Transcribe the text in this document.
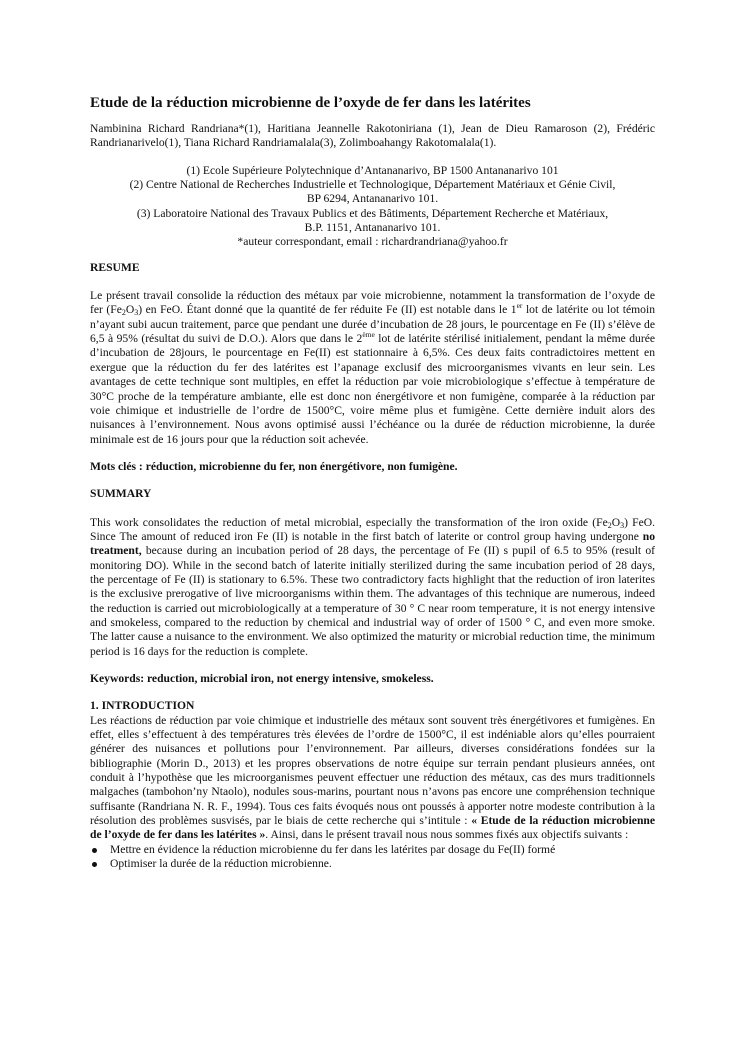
Etude de la réduction microbienne de l’oxyde de fer dans les latérites
Nambinina Richard Randriana*(1), Haritiana Jeannelle Rakotoniriana (1), Jean de Dieu Ramaroson (2), Frédéric Randrianarivelo(1), Tiana Richard Randriamalala(3), Zolimboahangy Rakotomalala(1).

(1) Ecole Supérieure Polytechnique d’Antananarivo, BP 1500 Antananarivo 101

(2) Centre National de Recherches Industrielle et Technologique, Département Matériaux et Génie Civil,

BP 6294, Antananarivo 101.

(3) Laboratoire National des Travaux Publics et des Bâtiments, Département Recherche et Matériaux,

B.P. 1151, Antananarivo 101.

*auteur correspondant, email : richardrandriana@yahoo.fr

RESUME

Le présent travail consolide la réduction des métaux par voie microbienne, notamment la transformation de l’oxyde de fer $(Fe_2O_3)$ en FeO. Étant donné que la quantité de fer réduite Fe (II) est notable dans le 1er lot de latérite ou lot témoin n’ayant subi aucun traitement, parce que pendant une durée d’incubation de 28 jours, le pourcentage en Fe (II) s’élève de 6,5 à 95% (résultat du suivi de D.O.). Alors que dans le 2ème lot de latérite stérilisé initialement, pendant la même durée d’incubation de 28jours, le pourcentage en Fe(II) est stationnaire à 6,5%. Ces deux faits contradictoires mettent en exergue que la réduction du fer des latérites est l’apanage exclusif des microorganismes vivants en leur sein. Les avantages de cette technique sont multiples, en effet la réduction par voie microbiologique s’effectue à température de 30°C proche de la température ambiante, elle est donc non énergétivore et non fumigène, comparée à la réduction par voie chimique et industrielle de l’ordre de 1500°C, voire même plus et fumigène. Cette dernière induit alors des nuisances à l’environnement. Nous avons optimisé aussi l’échéance ou la durée de réduction microbienne, la durée minimale est de 16 jours pour que la réduction soit achevée.

Mots clés : réduction, microbienne du fer, non énergétivore, non fumigène.

SUMMARY

This work consolidates the reduction of metal microbial, especially the transformation of the iron oxide $(Fe_2O_3)$ FeO. Since The amount of reduced iron Fe (II) is notable in the first batch of laterite or control group having undergone no treatment, because during an incubation period of 28 days, the percentage of Fe (II) s pupil of 6.5 to 95% (result of monitoring DO). While in the second batch of laterite initially sterilized during the same incubation period of 28 days, the percentage of Fe (II) is stationary to 6.5%. These two contradictory facts highlight that the reduction of iron laterites is the exclusive prerogative of live microorganisms within them. The advantages of this technique are numerous, indeed the reduction is carried out microbiologically at a temperature of 30 ° C near room temperature, it is not energy intensive and smokeless, compared to the reduction by chemical and industrial way of order of 1500 ° C, and even more smoke. The latter cause a nuisance to the environment. We also optimized the maturity or microbial reduction time, the minimum period is 16 days for the reduction is complete.

Keywords: reduction, microbial iron, not energy intensive, smokeless.

1. INTRODUCTION

Les réactions de réduction par voie chimique et industrielle des métaux sont souvent très énergétivores et fumigènes. En effet, elles s’effectuent à des températures très élevées de l’ordre de 1500°C, il est indéniable alors qu’elles pourraient générer des nuisances et pollutions pour l’environnement. Par ailleurs, diverses considérations fondées sur la bibliographie (Morin D., 2013) et les propres observations de notre équipe sur terrain pendant plusieurs années, ont conduit à l’hypothèse que les microorganismes peuvent effectuer une réduction des métaux, cas des murs traditionnels malgaches (tambohon’ny Ntaolo), nodules sous-marins, pourtant nous n’avons pas encore une compréhension technique suffisante (Randriana N. R. F., 1994). Tous ces faits évoqués nous ont poussés à apporter notre modeste contribution à la résolution des problèmes susvisés, par le biais de cette recherche qui s’intitule : « Etude de la réduction microbienne de l’oxyde de fer dans les latérites ». Ainsi, dans le présent travail nous nous sommes fixés aux objectifs suivants :

Mettre en évidence la réduction microbienne du fer dans les latérites par dosage du Fe(II) formé
Optimiser la durée de la réduction microbienne.
